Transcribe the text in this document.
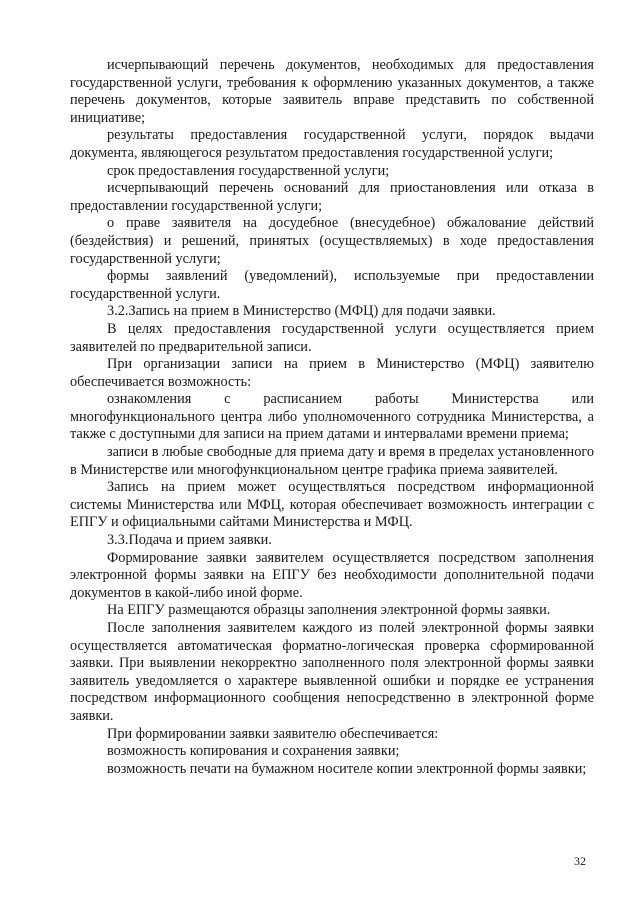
исчерпывающий перечень документов, необходимых для предоставления государственной услуги, требования к оформлению указанных документов, а также перечень документов, которые заявитель вправе представить по собственной инициативе;

результаты предоставления государственной услуги, порядок выдачи документа, являющегося результатом предоставления государственной услуги;

срок предоставления государственной услуги;

исчерпывающий перечень оснований для приостановления или отказа в предоставлении государственной услуги;

о праве заявителя на досудебное (внесудебное) обжалование действий (бездействия) и решений, принятых (осуществляемых) в ходе предоставления государственной услуги;

формы заявлений (уведомлений), используемые при предоставлении государственной услуги.

3.2.Запись на прием в Министерство (МФЦ) для подачи заявки.

В целях предоставления государственной услуги осуществляется прием заявителей по предварительной записи.

При организации записи на прием в Министерство (МФЦ) заявителю обеспечивается возможность:

ознакомления с расписанием работы Министерства или многофункционального центра либо уполномоченного сотрудника Министерства, а также с доступными для записи на прием датами и интервалами времени приема;

записи в любые свободные для приема дату и время в пределах установленного в Министерстве или многофункциональном центре графика приема заявителей.

Запись на прием может осуществляться посредством информационной системы Министерства или МФЦ, которая обеспечивает возможность интеграции с ЕПГУ и официальными сайтами Министерства и МФЦ.

3.3.Подача и прием заявки.

Формирование заявки заявителем осуществляется посредством заполнения электронной формы заявки на ЕПГУ без необходимости дополнительной подачи документов в какой-либо иной форме.

На ЕПГУ размещаются образцы заполнения электронной формы заявки.

После заполнения заявителем каждого из полей электронной формы заявки осуществляется автоматическая форматно-логическая проверка сформированной заявки. При выявлении некорректно заполненного поля электронной формы заявки заявитель уведомляется о характере выявленной ошибки и порядке ее устранения посредством информационного сообщения непосредственно в электронной форме заявки.

При формировании заявки заявителю обеспечивается:

возможность копирования и сохранения заявки;

возможность печати на бумажном носителе копии электронной формы заявки;

32
